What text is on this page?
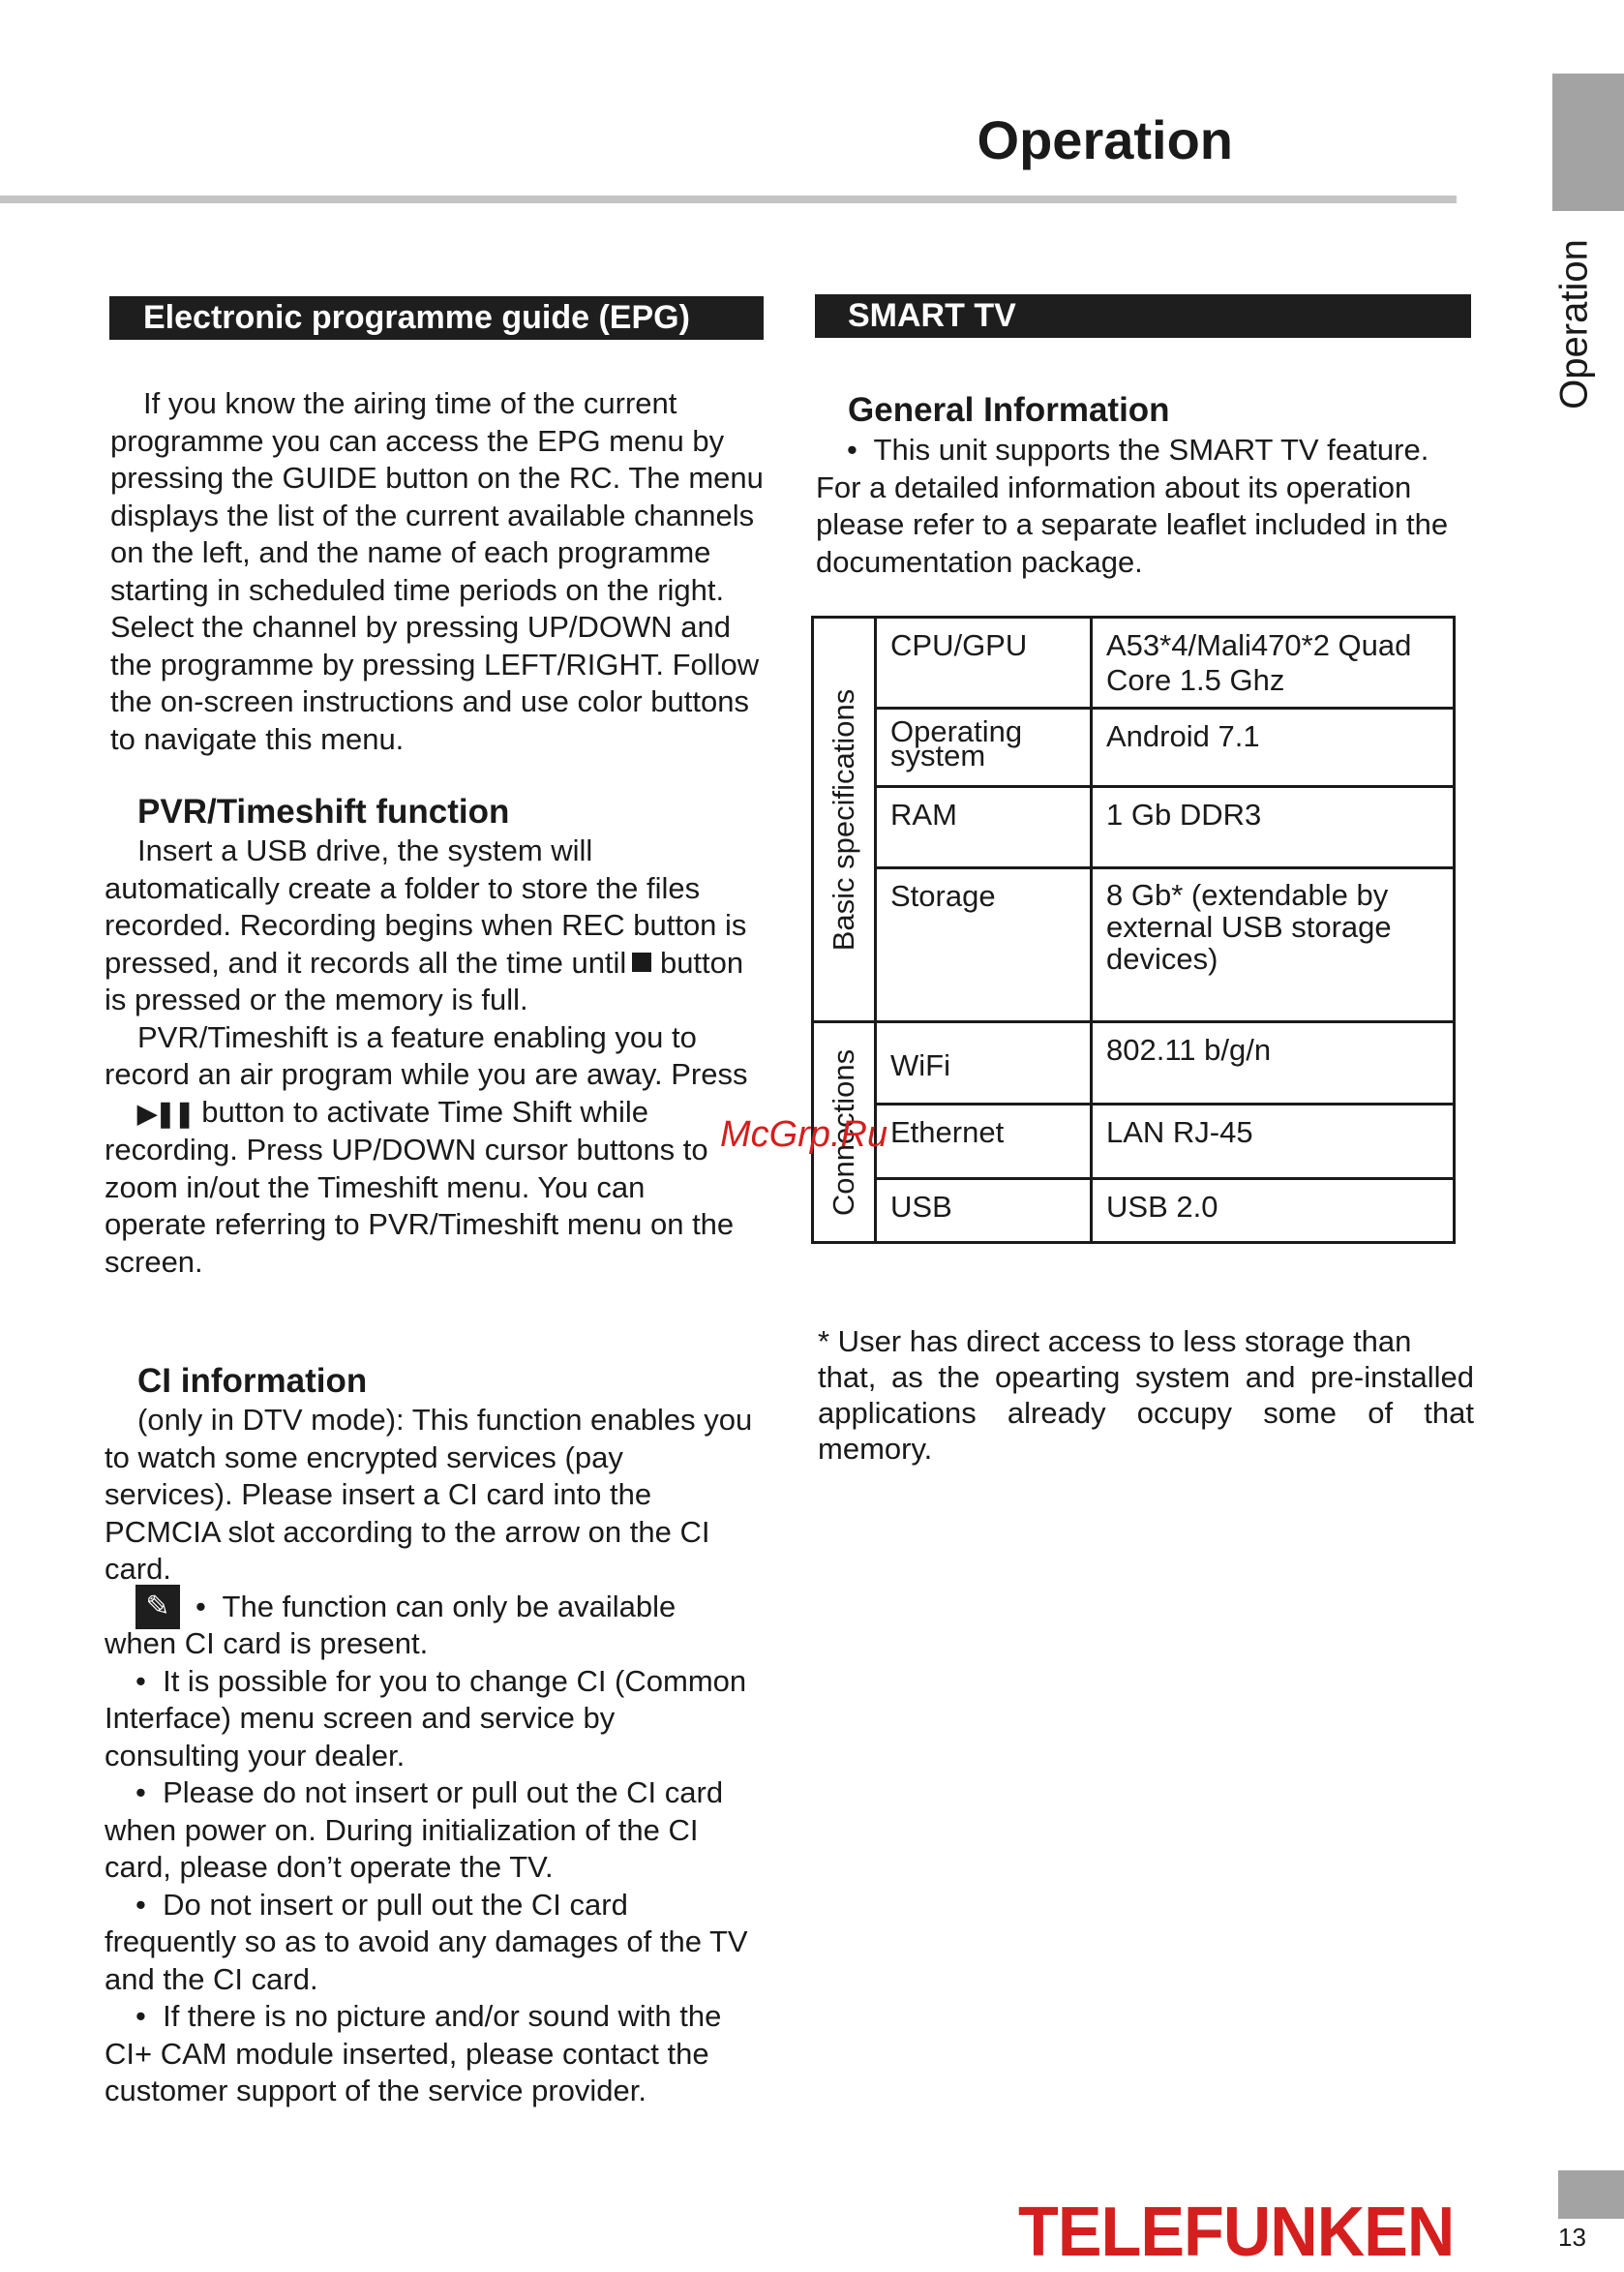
Operation
Operation
Electronic programme guide (EPG)

If you know the airing time of the current programme you can access the EPG menu by pressing the GUIDE button on the RC. The menu displays the list of the current available channels on the left, and the name of each programme starting in scheduled time periods on the right. Select the channel by pressing UP/DOWN and the programme by pressing LEFT/RIGHT. Follow the on-screen instructions and use color buttons to navigate this menu.

PVR/Timeshift function

Insert a USB drive, the system will automatically create a folder to store the files recorded. Recording begins when REC button is pressed, and it records all the time until button is pressed or the memory is full.

PVR/Timeshift is a feature enabling you to record an air program while you are away. Press ▶❚❚ button to activate Time Shift while recording. Press UP/DOWN cursor buttons to zoom in/out the Timeshift menu. You can operate referring to PVR/Timeshift menu on the screen.

CI information
✎

(only in DTV mode): This function enables you to watch some encrypted services (pay services). Please insert a CI card into the PCMCIA slot according to the arrow on the CI card.

•  The function can only be available when CI card is present.

•  It is possible for you to change CI (Common Interface) menu screen and service by consulting your dealer.

•  Please do not insert or pull out the CI card when power on. During initialization of the CI card, please don’t operate the TV.

•  Do not insert or pull out the CI card frequently so as to avoid any damages of the TV and the CI card.

•  If there is no picture and/or sound with the CI+ CAM module inserted, please contact the customer support of the service provider.

SMART TV
General Information

•  This unit supports the SMART TV feature.

For a detailed information about its operation please refer to a separate leaflet included in the documentation package.

Basic specifications	CPU/GPU	A53*4/Mali470*2 Quad Core 1.5 Ghz
	Operating system	Android 7.1
	RAM	1 Gb DDR3
	Storage	8 Gb* (extendable by external USB storage devices)

Connections	WiFi	802.11 b/g/n
	Ethernet	LAN RJ-45
	USB	USB 2.0

* User has direct access to less storage than

that, as the opearting system and pre-installed applications already occupy some of that memory.

McGrp.Ru
TELEFUNKEN	13
